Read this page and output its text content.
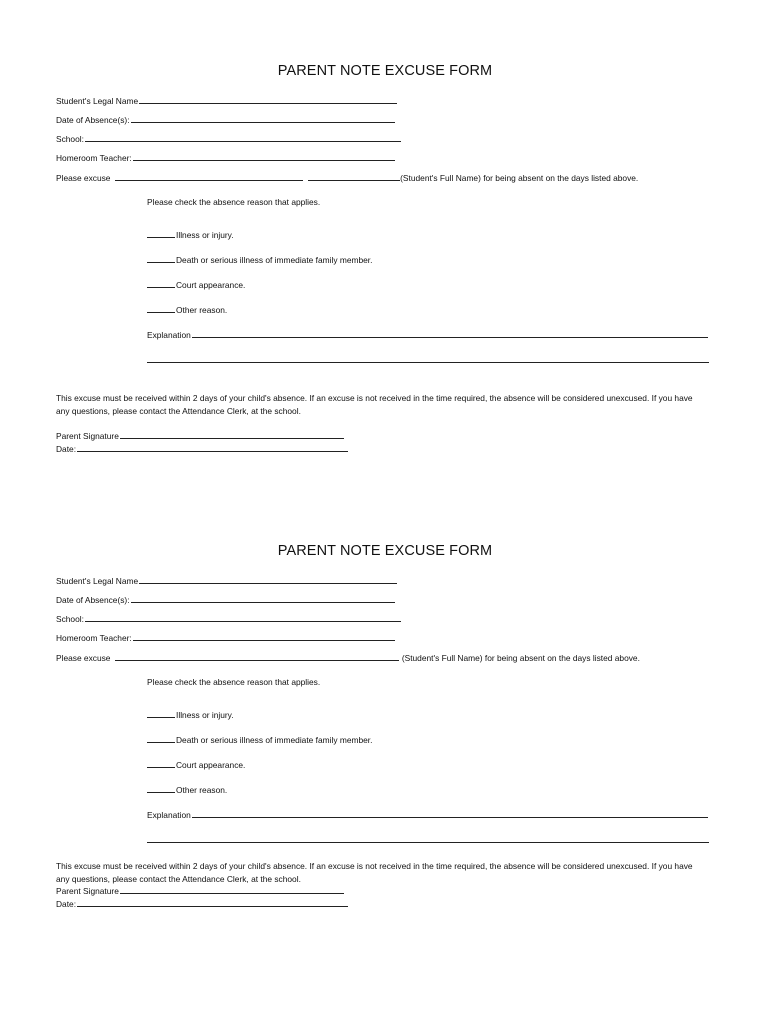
PARENT NOTE EXCUSE FORM
Student's Legal Name
Date of Absence(s):
School:
Homeroom Teacher:
Please excuse	(Student's Full Name) for being absent on the days listed above.
Please check the absence reason that applies.
Illness or injury.
Death or serious illness of immediate family member.
Court appearance.
Other reason.
Explanation
This excuse must be received within 2 days of your child's absence. If an excuse is not received in the time required, the absence will be considered unexcused. If you have any questions, please contact the Attendance Clerk, at the school.
Parent Signature
Date:
PARENT NOTE EXCUSE FORM
Student's Legal Name
Date of Absence(s):
School:
Homeroom Teacher:
Please excuse	(Student's Full Name) for being absent on the days listed above.
Please check the absence reason that applies.
Illness or injury.
Death or serious illness of immediate family member.
Court appearance.
Other reason.
Explanation
This excuse must be received within 2 days of your child's absence. If an excuse is not received in the time required, the absence will be considered unexcused. If you have any questions, please contact the Attendance Clerk, at the school.
Parent Signature
Date:
